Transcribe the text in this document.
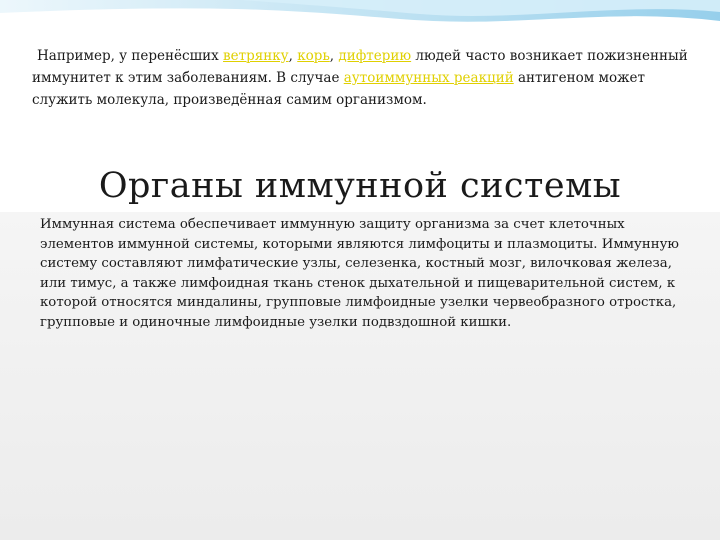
Например, у перенёсших ветрянку, корь, дифтерию людей часто возникает пожизненный иммунитет к этим заболеваниям. В случае аутоиммунных реакций антигеном может служить молекула, произведённая самим организмом.

Органы иммунной системы

Иммунная система обеспечивает иммунную защиту организма за счет клеточных элементов иммунной системы, которыми являются лимфоциты и плазмоциты. Иммунную систему составляют лимфатические узлы, селезенка, костный мозг, вилочковая железа, или тимус, а также лимфоидная ткань стенок дыхательной и пищеварительной систем, к которой относятся миндалины, групповые лимфоидные узелки червеобразного отростка, групповые и одиночные лимфоидные узелки подвздошной кишки.
